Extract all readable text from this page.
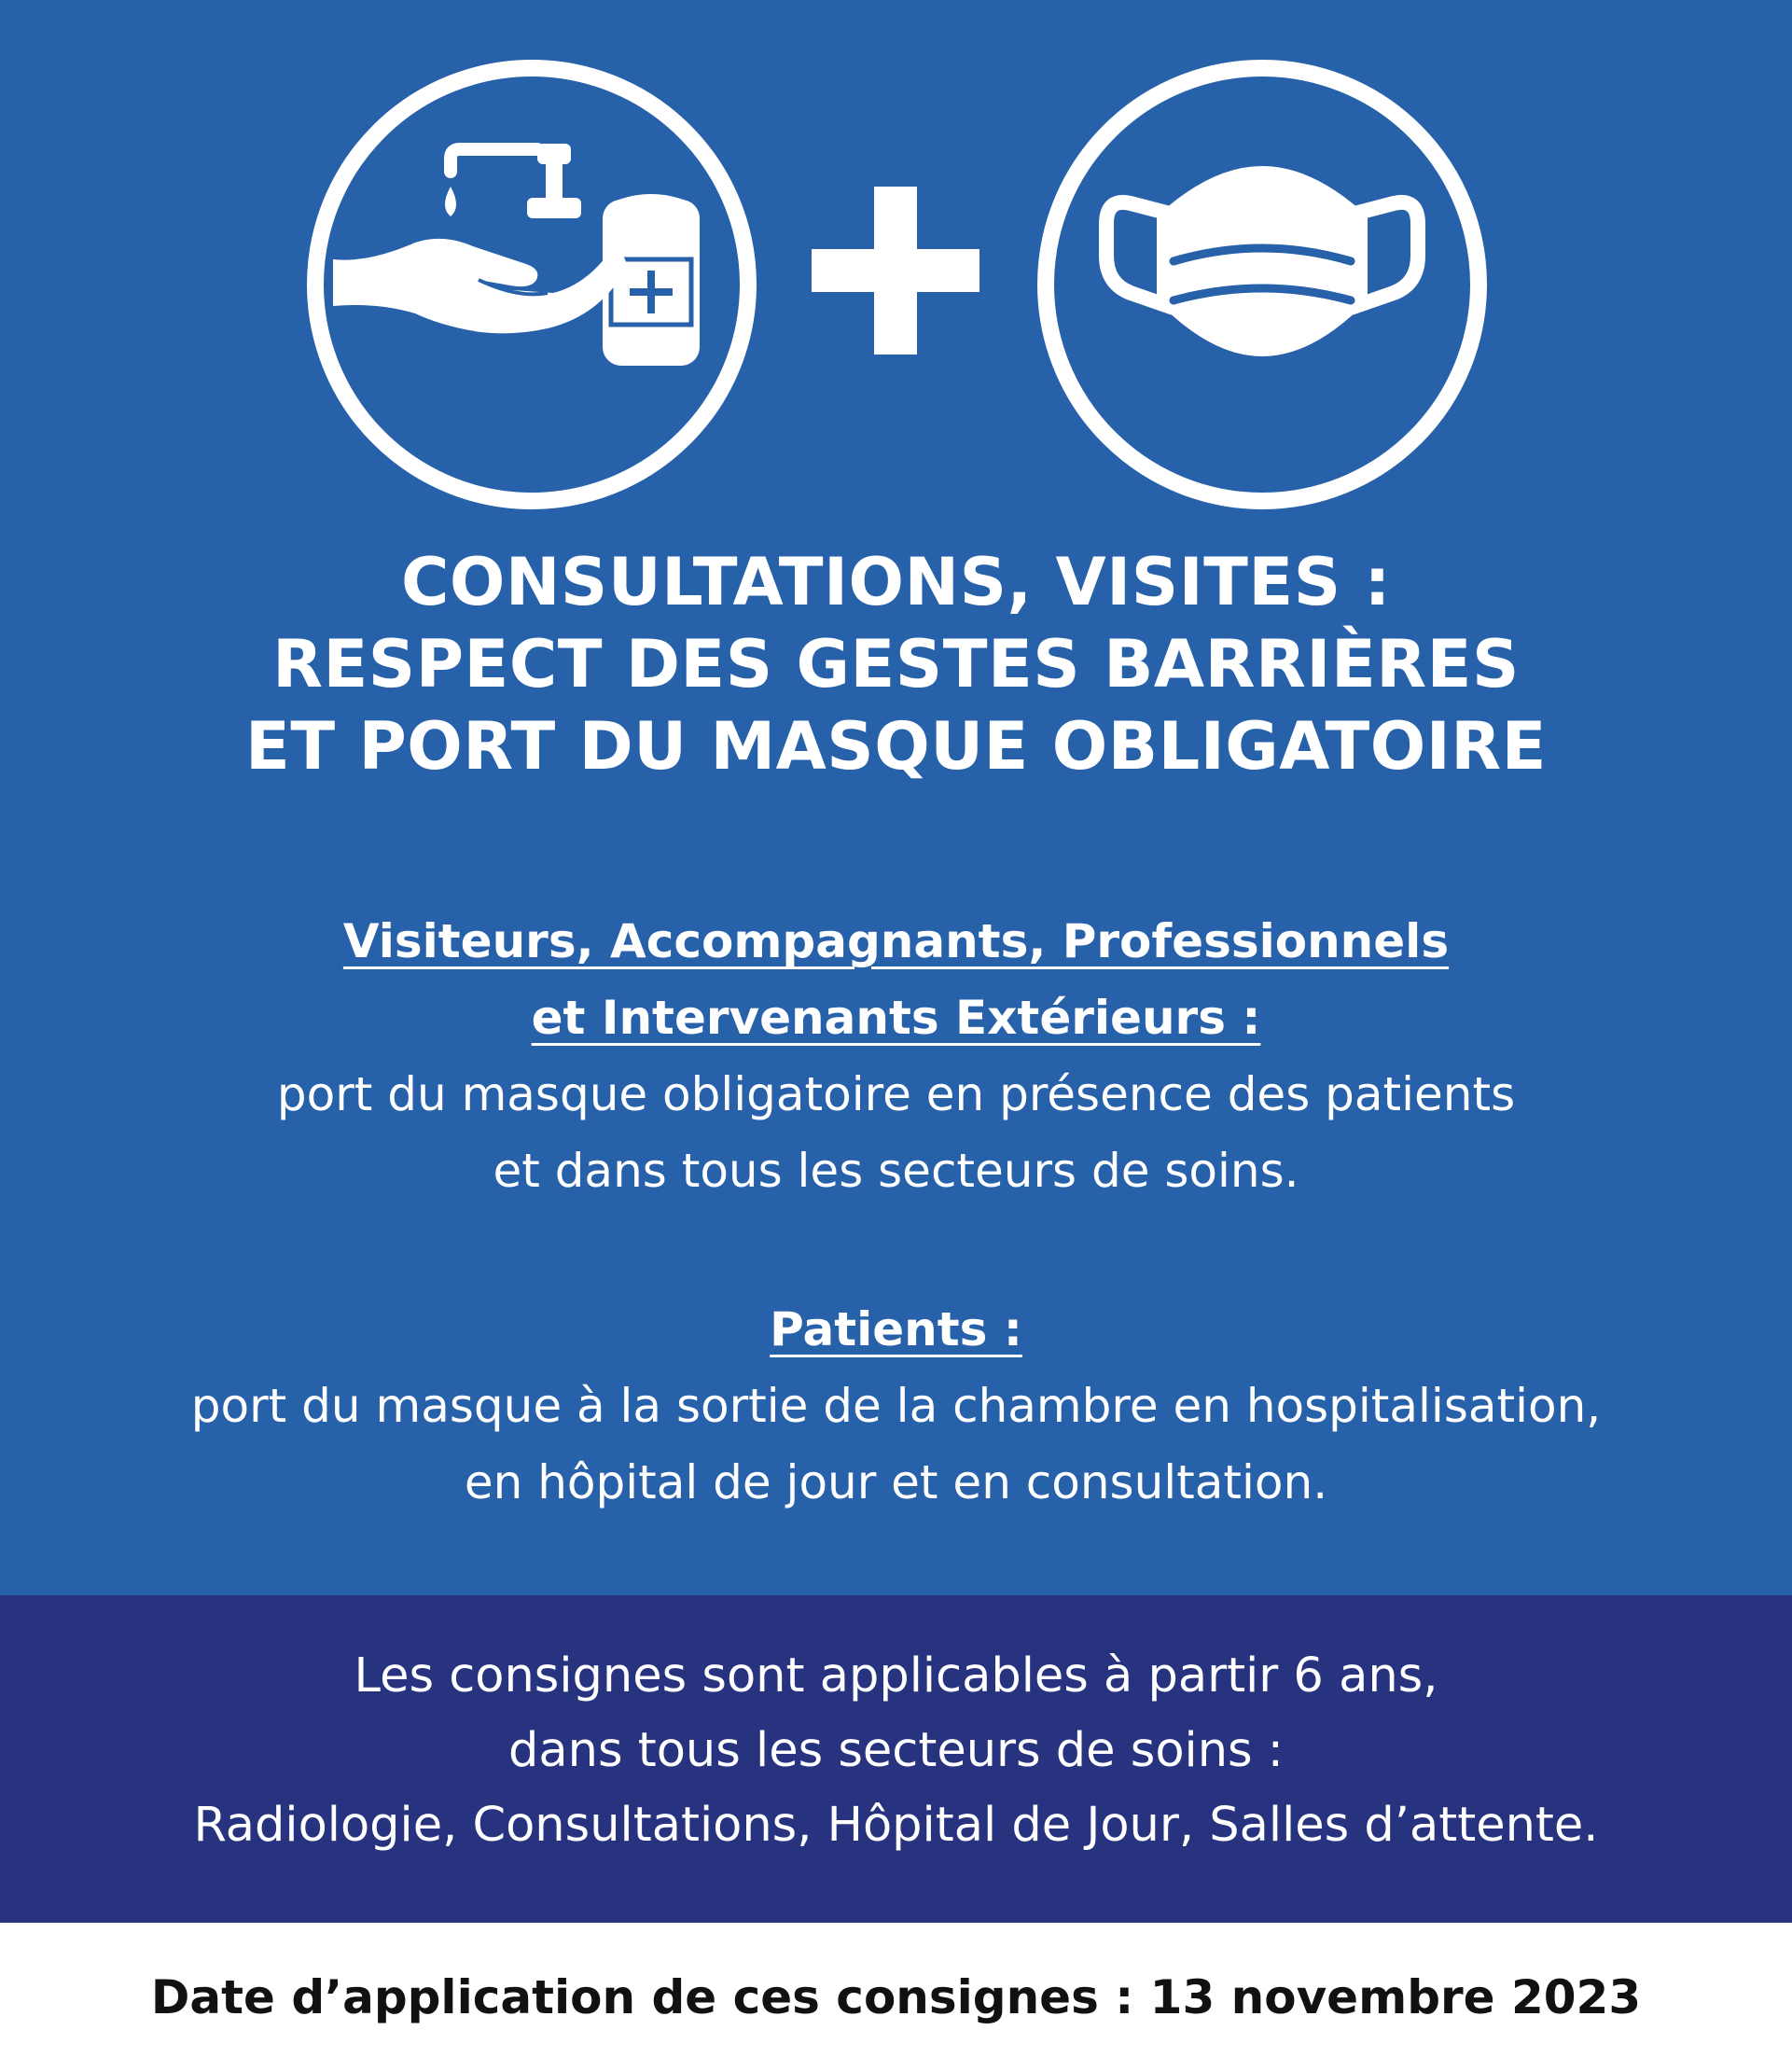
CONSULTATIONS, VISITES :
RESPECT DES GESTES BARRIÈRES
ET PORT DU MASQUE OBLIGATOIRE
Visiteurs, Accompagnants, Professionnels
et Intervenants Extérieurs :
port du masque obligatoire en présence des patients
et dans tous les secteurs de soins.
Patients :
port du masque à la sortie de la chambre en hospitalisation,
en hôpital de jour et en consultation.
Les consignes sont applicables à partir 6 ans,
dans tous les secteurs de soins :
Radiologie, Consultations, Hôpital de Jour, Salles d’attente.
Date d’application de ces consignes : 13 novembre 2023
